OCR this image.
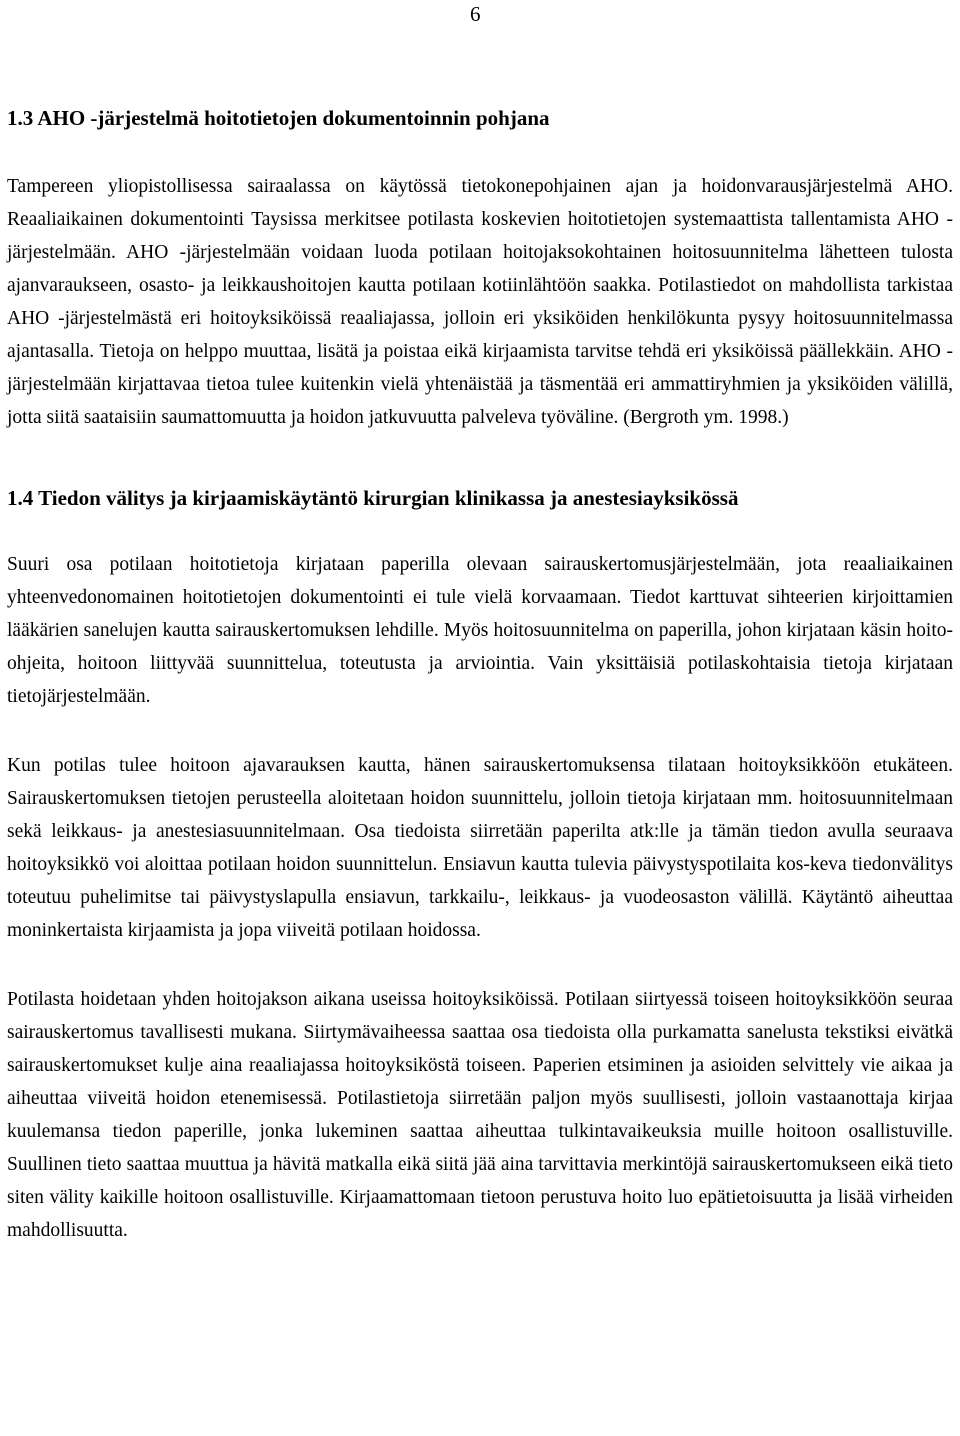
6
1.3 AHO -järjestelmä hoitotietojen dokumentoinnin pohjana

Tampereen yliopistollisessa sairaalassa on käytössä tietokonepohjainen ajan ja hoidonvarausjärjestelmä AHO. Reaaliaikainen dokumentointi Taysissa merkitsee potilasta koskevien hoitotietojen systemaattista tallentamista AHO -järjestelmään. AHO -järjestelmään voidaan luoda potilaan hoitojaksokohtainen hoitosuunnitelma lähetteen tulosta ajanvaraukseen, osasto- ja leikkaushoitojen kautta potilaan kotiinlähtöön saakka. Potilastiedot on mahdollista tarkistaa AHO -järjestelmästä eri hoitoyksiköissä reaaliajassa, jolloin eri yksiköiden henkilökunta pysyy hoitosuunnitelmassa ajantasalla. Tietoja on helppo muuttaa, lisätä ja poistaa eikä kirjaamista tarvitse tehdä eri yksiköissä päällekkäin. AHO -järjestelmään kirjattavaa tietoa tulee kuitenkin vielä yhtenäistää ja täsmentää eri ammattiryhmien ja yksiköiden välillä, jotta siitä saataisiin saumattomuutta ja hoidon jatkuvuutta palveleva työväline. (Bergroth ym. 1998.)

1.4 Tiedon välitys ja kirjaamiskäytäntö kirurgian klinikassa ja anestesiayksikössä

Suuri osa potilaan hoitotietoja kirjataan paperilla olevaan sairauskertomusjärjestelmään, jota reaaliaikainen yhteenvedonomainen hoitotietojen dokumentointi ei tule vielä korvaamaan. Tiedot karttuvat sihteerien kirjoittamien lääkärien sanelujen kautta sairauskertomuksen lehdille. Myös hoitosuunnitelma on paperilla, johon kirjataan käsin hoito-ohjeita, hoitoon liittyvää suunnittelua, toteutusta ja arviointia. Vain yksittäisiä potilaskohtaisia tietoja kirjataan tietojärjestelmään.

Kun potilas tulee hoitoon ajavarauksen kautta, hänen sairauskertomuksensa tilataan hoitoyksikköön etukäteen. Sairauskertomuksen tietojen perusteella aloitetaan hoidon suunnittelu, jolloin tietoja kirjataan mm. hoitosuunnitelmaan sekä leikkaus- ja anestesiasuunnitelmaan. Osa tiedoista siirretään paperilta atk:lle ja tämän tiedon avulla seuraava hoitoyksikkö voi aloittaa potilaan hoidon suunnittelun. Ensiavun kautta tulevia päivystyspotilaita kos-keva tiedonvälitys toteutuu puhelimitse tai päivystyslapulla ensiavun, tarkkailu-, leikkaus- ja vuodeosaston välillä. Käytäntö aiheuttaa moninkertaista kirjaamista ja jopa viiveitä potilaan hoidossa.

Potilasta hoidetaan yhden hoitojakson aikana useissa hoitoyksiköissä. Potilaan siirtyessä toiseen hoitoyksikköön seuraa sairauskertomus tavallisesti mukana. Siirtymävaiheessa saattaa osa tiedoista olla purkamatta sanelusta tekstiksi eivätkä sairauskertomukset kulje aina reaaliajassa hoitoyksiköstä toiseen. Paperien etsiminen ja asioiden selvittely vie aikaa ja aiheuttaa viiveitä hoidon etenemisessä. Potilastietoja siirretään paljon myös suullisesti, jolloin vastaanottaja kirjaa kuulemansa tiedon paperille, jonka lukeminen saattaa aiheuttaa tulkintavaikeuksia muille hoitoon osallistuville. Suullinen tieto saattaa muuttua ja hävitä matkalla eikä siitä jää aina tarvittavia merkintöjä sairauskertomukseen eikä tieto siten välity kaikille hoitoon osallistuville. Kirjaamattomaan tietoon perustuva hoito luo epätietoisuutta ja lisää virheiden mahdollisuutta.
